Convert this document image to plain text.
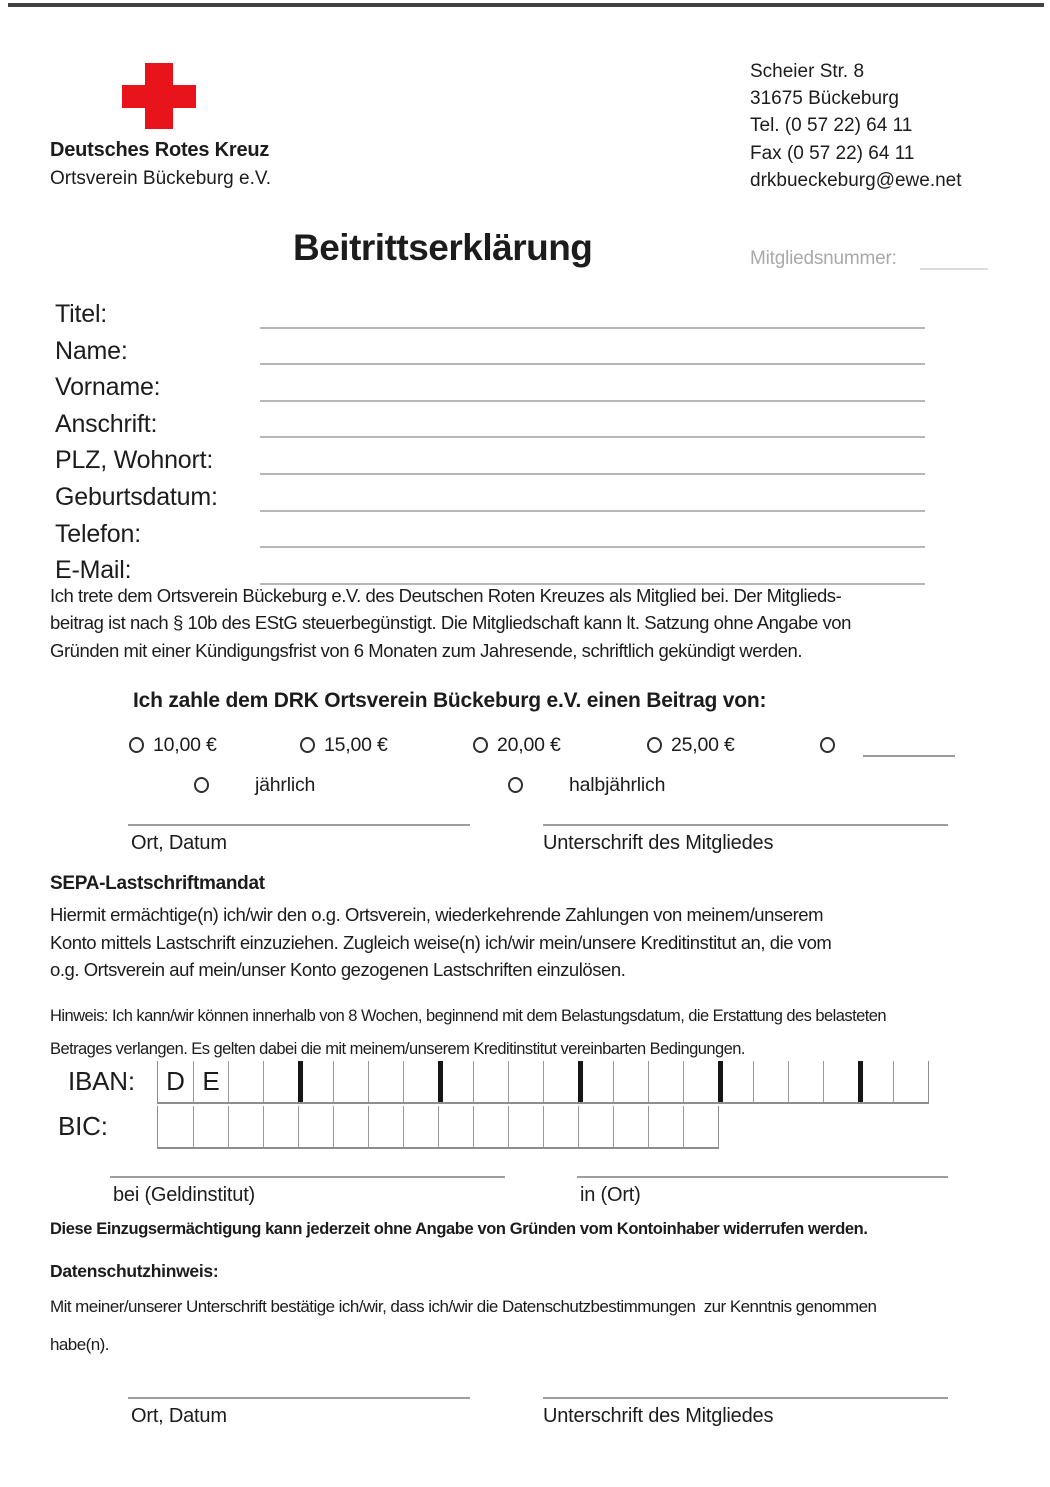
Deutsches Rotes Kreuz
Ortsverein Bückeburg e.V.
Scheier Str. 8
31675 Bückeburg
Tel. (0 57 22) 64 11
Fax (0 57 22) 64 11
drkbueckeburg@ewe.net
Beitrittserklärung	Mitgliedsnummer:
Titel:
Name:
Vorname:
Anschrift:
PLZ, Wohnort:
Geburtsdatum:
Telefon:
E-Mail:
Ich trete dem Ortsverein Bückeburg e.V. des Deutschen Roten Kreuzes als Mitglied bei. Der Mitglieds-
beitrag ist nach § 10b des EStG steuerbegünstigt. Die Mitgliedschaft kann lt. Satzung ohne Angabe von
Gründen mit einer Kündigungsfrist von 6 Monaten zum Jahresende, schriftlich gekündigt werden.
Ich zahle dem DRK Ortsverein Bückeburg e.V. einen Beitrag von:
10,00 €	15,00 €	20,00 €	25,00 €
jährlich	halbjährlich
Ort, Datum	Unterschrift des Mitgliedes
SEPA-Lastschriftmandat
Hiermit ermächtige(n) ich/wir den o.g. Ortsverein, wiederkehrende Zahlungen von meinem/unserem
Konto mittels Lastschrift einzuziehen. Zugleich weise(n) ich/wir mein/unsere Kreditinstitut an, die vom
o.g. Ortsverein auf mein/unser Konto gezogenen Lastschriften einzulösen.
Hinweis: Ich kann/wir können innerhalb von 8 Wochen, beginnend mit dem Belastungsdatum, die Erstattung des belasteten
Betrages verlangen. Es gelten dabei die mit meinem/unserem Kreditinstitut vereinbarten Bedingungen.
IBAN:	D E
BIC:
bei (Geldinstitut)	in (Ort)
Diese Einzugsermächtigung kann jederzeit ohne Angabe von Gründen vom Kontoinhaber widerrufen werden.
Datenschutzhinweis:
Mit meiner/unserer Unterschrift bestätige ich/wir, dass ich/wir die Datenschutzbestimmungen  zur Kenntnis genommen
habe(n).
Ort, Datum	Unterschrift des Mitgliedes
